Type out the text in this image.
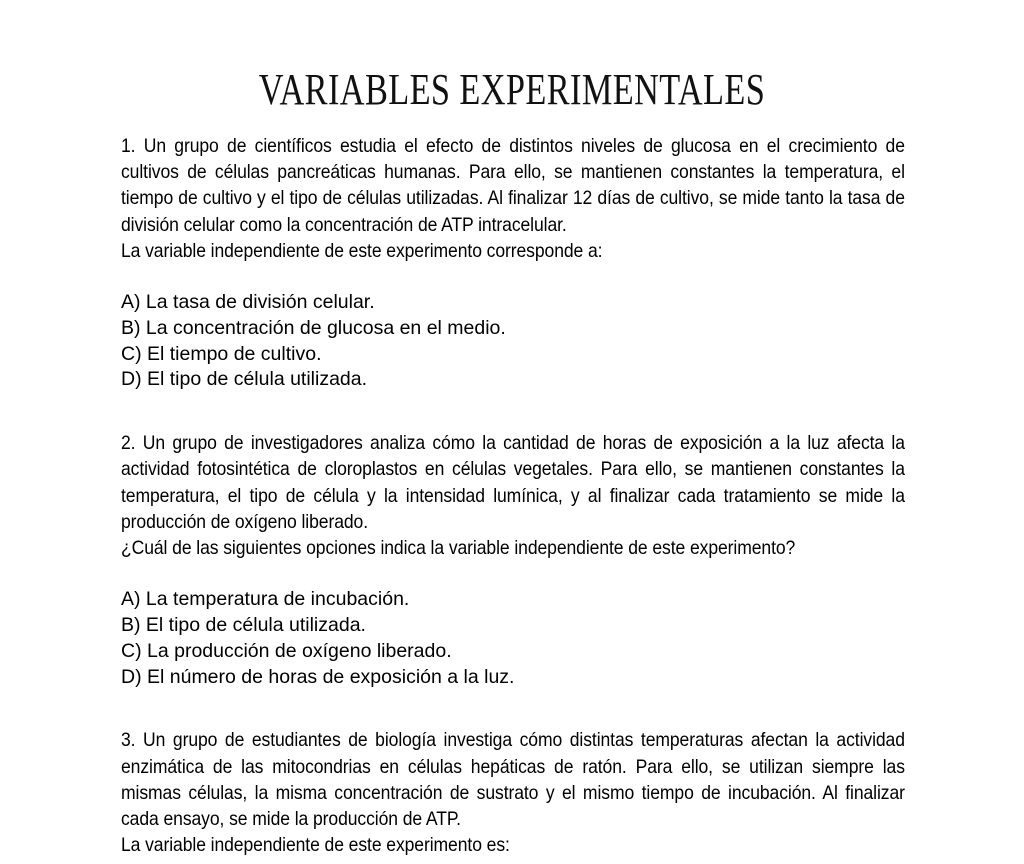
VARIABLES EXPERIMENTALES

1. Un grupo de científicos estudia el efecto de distintos niveles de glucosa en el crecimiento de cultivos de células pancreáticas humanas. Para ello, se mantienen constantes la temperatura, el tiempo de cultivo y el tipo de células utilizadas. Al finalizar 12 días de cultivo, se mide tanto la tasa de división celular como la concentración de ATP intracelular.

La variable independiente de este experimento corresponde a:

A) La tasa de división celular.
B) La concentración de glucosa en el medio.
C) El tiempo de cultivo.
D) El tipo de célula utilizada.

2. Un grupo de investigadores analiza cómo la cantidad de horas de exposición a la luz afecta la actividad fotosintética de cloroplastos en células vegetales. Para ello, se mantienen constantes la temperatura, el tipo de célula y la intensidad lumínica, y al finalizar cada tratamiento se mide la producción de oxígeno liberado.

¿Cuál de las siguientes opciones indica la variable independiente de este experimento?

A) La temperatura de incubación.
B) El tipo de célula utilizada.
C) La producción de oxígeno liberado.
D) El número de horas de exposición a la luz.

3. Un grupo de estudiantes de biología investiga cómo distintas temperaturas afectan la actividad enzimática de las mitocondrias en células hepáticas de ratón. Para ello, se utilizan siempre las mismas células, la misma concentración de sustrato y el mismo tiempo de incubación. Al finalizar cada ensayo, se mide la producción de ATP.

La variable independiente de este experimento es:
